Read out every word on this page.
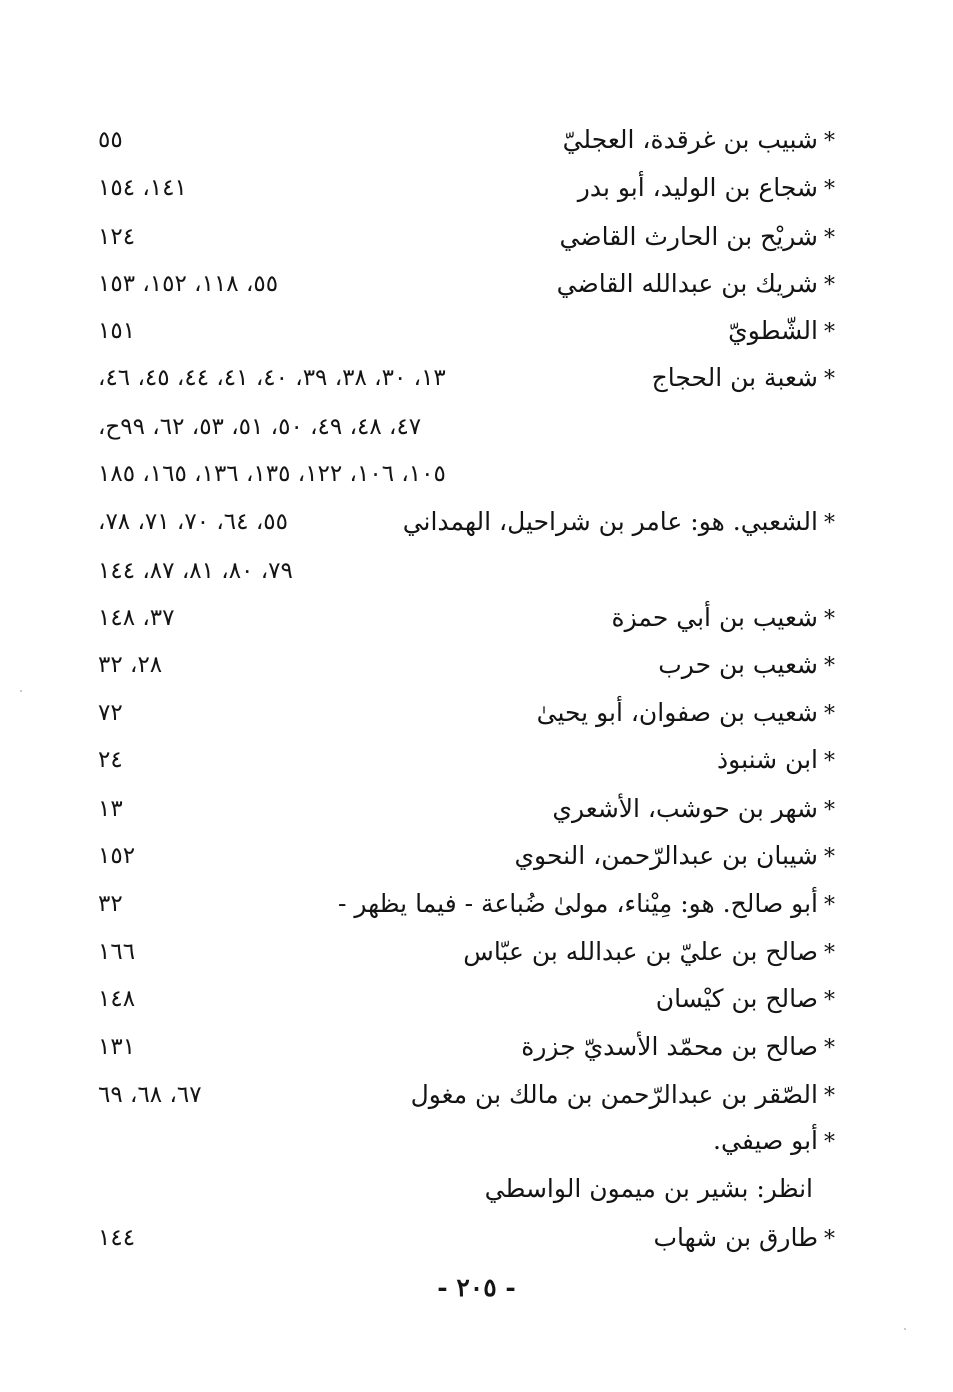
*شبيب بن غرقدة، العجليّ
٥٥
*شجاع بن الوليد، أبو بدر
١٤١، ١٥٤
*شريْح بن الحارث القاضي
١٢٤
*شريك بن عبدالله القاضي
٥٥، ١١٨، ١٥٢، ١٥٣
*الشّطويّ
١٥١
*شعبة بن الحجاج
١٣، ٣٠، ٣٨، ٣٩، ٤٠، ٤١، ٤٤، ٤٥، ٤٦،
٤٧، ٤٨، ٤٩، ٥٠، ٥١، ٥٣، ٦٢، ٩٩ح،
١٠٥، ١٠٦، ١٢٢، ١٣٥، ١٣٦، ١٦٥، ١٨٥
*الشعبي. هو: عامر بن شراحيل، الهمداني
٥٥، ٦٤، ٧٠، ٧١، ٧٨،
٧٩، ٨٠، ٨١، ٨٧، ١٤٤
*شعيب بن أبي حمزة
٣٧، ١٤٨
*شعيب بن حرب
٢٨، ٣٢
*شعيب بن صفوان، أبو يحيىٰ
٧٢
*ابن شنبوذ
٢٤
*شهر بن حوشب، الأشعري
١٣
*شيبان بن عبدالرّحمن، النحوي
١٥٢
*أبو صالح. هو: مِيْناء، مولىٰ ضُباعة - فيما يظهر -
٣٢
*صالح بن عليّ بن عبدالله بن عبّاس
١٦٦
*صالح بن كيْسان
١٤٨
*صالح بن محمّد الأسديّ جزرة
١٣١
*الصّقر بن عبدالرّحمن بن مالك بن مغول
٦٧، ٦٨، ٦٩
*أبو صيفي.
انظر: بشير بن ميمون الواسطي
*طارق بن شهاب
١٤٤
- ٢٠٥ -
